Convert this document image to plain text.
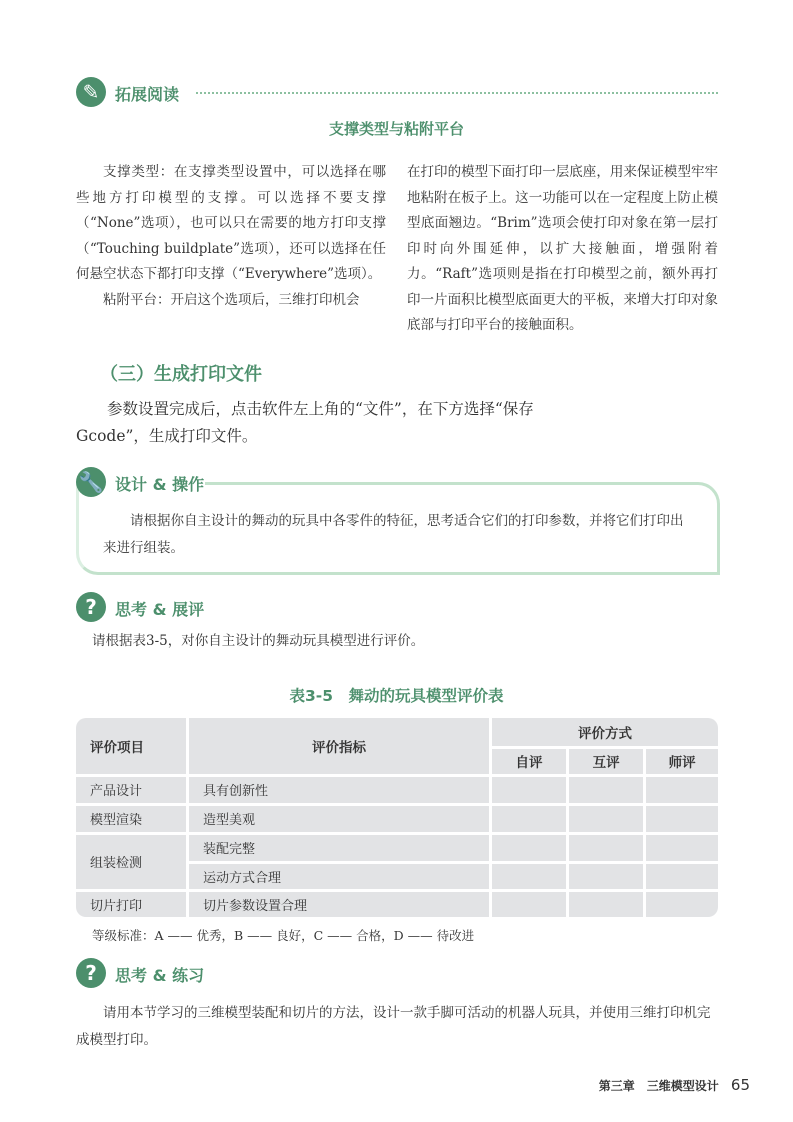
✎ 拓展阅读
支撑类型与粘附平台

支撑类型：在支撑类型设置中，可以选择在哪些地方打印模型的支撑。可以选择不要支撑（“None”选项），也可以只在需要的地方打印支撑（“Touching buildplate”选项），还可以选择在任何悬空状态下都打印支撑（“Everywhere”选项）。

粘附平台：开启这个选项后，三维打印机会

在打印的模型下面打印一层底座，用来保证模型牢牢地粘附在板子上。这一功能可以在一定程度上防止模型底面翘边。“Brim”选项会使打印对象在第一层打印时向外围延伸，以扩大接触面，增强附着力。“Raft”选项则是指在打印模型之前，额外再打印一片面积比模型底面更大的平板，来增大打印对象底部与打印平台的接触面积。
（三）生成打印文件
参数设置完成后，点击软件左上角的“文件”，在下方选择“保存Gcode”，生成打印文件。
🔧 设计 & 操作
请根据你自主设计的舞动的玩具中各零件的特征，思考适合它们的打印参数，并将它们打印出来进行组装。
?	思考 & 展评
请根据表3-5，对你自主设计的舞动玩具模型进行评价。
表3-5　舞动的玩具模型评价表
评价项目	评价指标	评价方式		
		自评	互评	师评
产品设计	具有创新性			
模型渲染	造型美观			
组装检测	装配完整			
	运动方式合理			
切片打印	切片参数设置合理			
等级标准：A —— 优秀，B —— 良好，C —— 合格，D —— 待改进
?	思考 & 练习
请用本节学习的三维模型装配和切片的方法，设计一款手脚可活动的机器人玩具，并使用三维打印机完成模型打印。
第三章　三维模型设计 65
